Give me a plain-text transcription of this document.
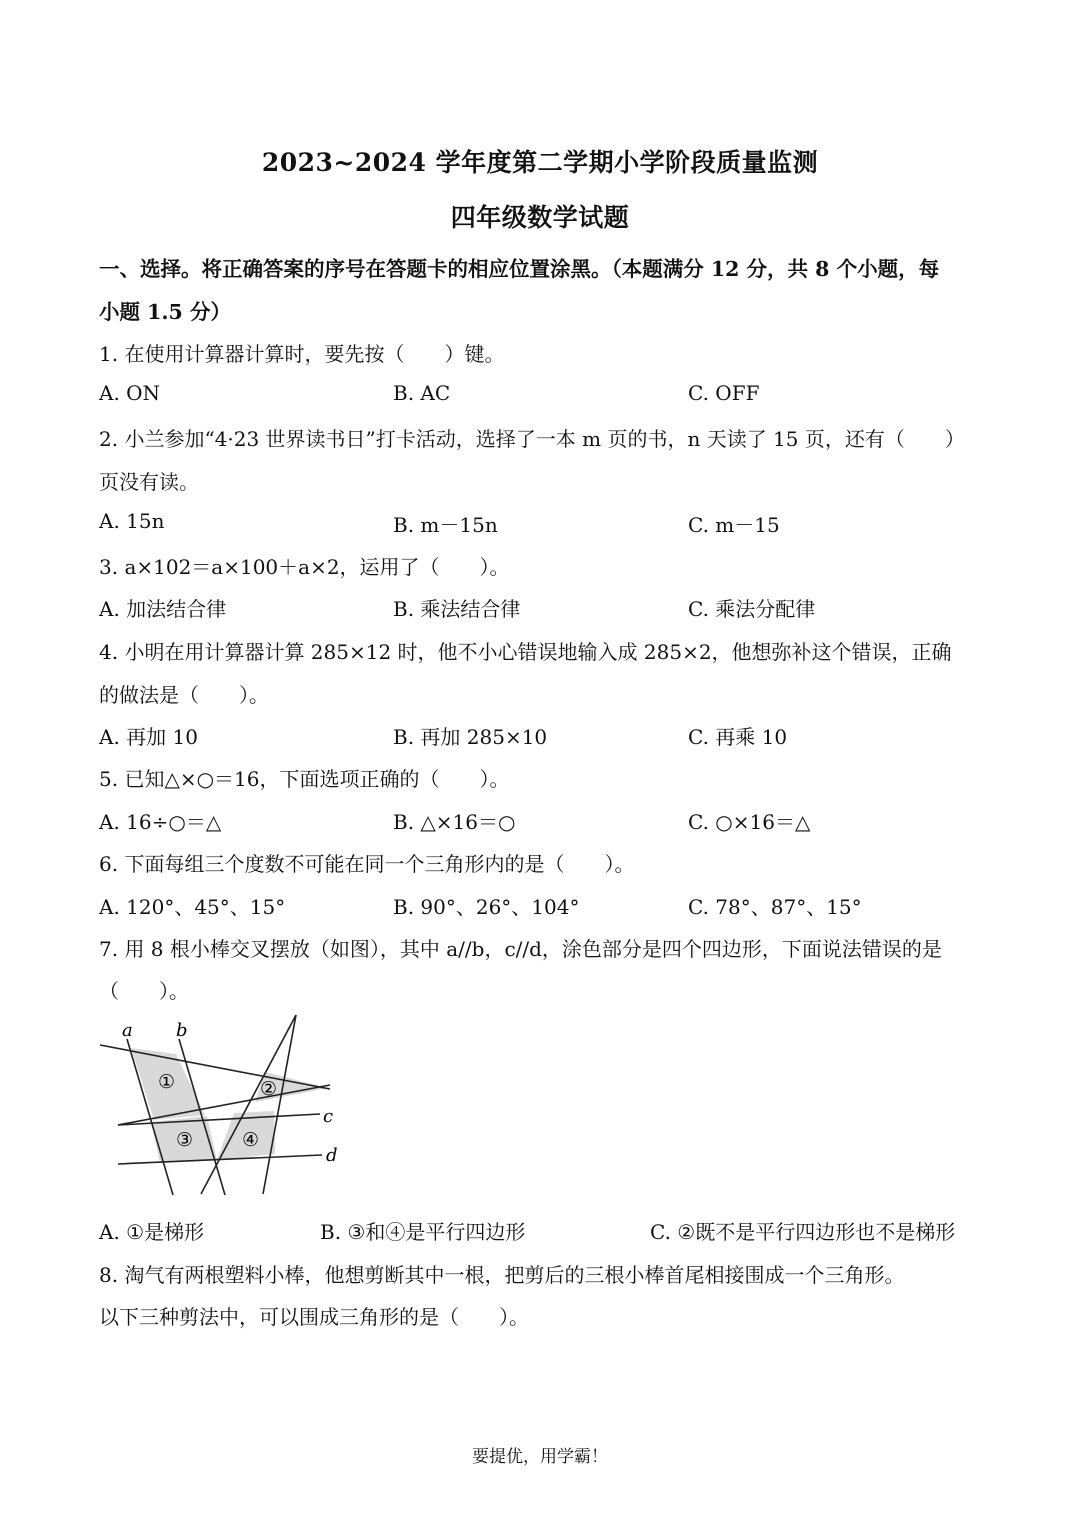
2023~2024 学年度第二学期小学阶段质量监测
四年级数学试题
一、选择。将正确答案的序号在答题卡的相应位置涂黑。（本题满分 12 分，共 8 个小题，每
小题 1.5 分）
1. 在使用计算器计算时，要先按（　　）键。
A. ON	B. AC	C. OFF
2. 小兰参加“4·23 世界读书日”打卡活动，选择了一本 m 页的书，n 天读了 15 页，还有（　　）
页没有读。
A. 15n	B. m－15n	C. m－15
3. a×102＝a×100＋a×2，运用了（　　）。
A. 加法结合律	B. 乘法结合律	C. 乘法分配律
4. 小明在用计算器计算 285×12 时，他不小心错误地输入成 285×2，他想弥补这个错误，正确
的做法是（　　）。
A. 再加 10	B. 再加 285×10	C. 再乘 10
5. 已知△×○＝16，下面选项正确的（　　）。
A. 16÷○＝△	B. △×16＝○	C. ○×16＝△
6. 下面每组三个度数不可能在同一个三角形内的是（　　）。
A. 120°、45°、15°	B. 90°、26°、104°	C. 78°、87°、15°
7. 用 8 根小棒交叉摆放（如图），其中 a//b，c//d，涂色部分是四个四边形，下面说法错误的是
（　　）。
a b
c
d
①	②
③	④
A. ①是梯形	B. ③和④是平行四边形	C. ②既不是平行四边形也不是梯形
8. 淘气有两根塑料小棒，他想剪断其中一根，把剪后的三根小棒首尾相接围成一个三角形。
以下三种剪法中，可以围成三角形的是（　　）。
要提优，用学霸！
